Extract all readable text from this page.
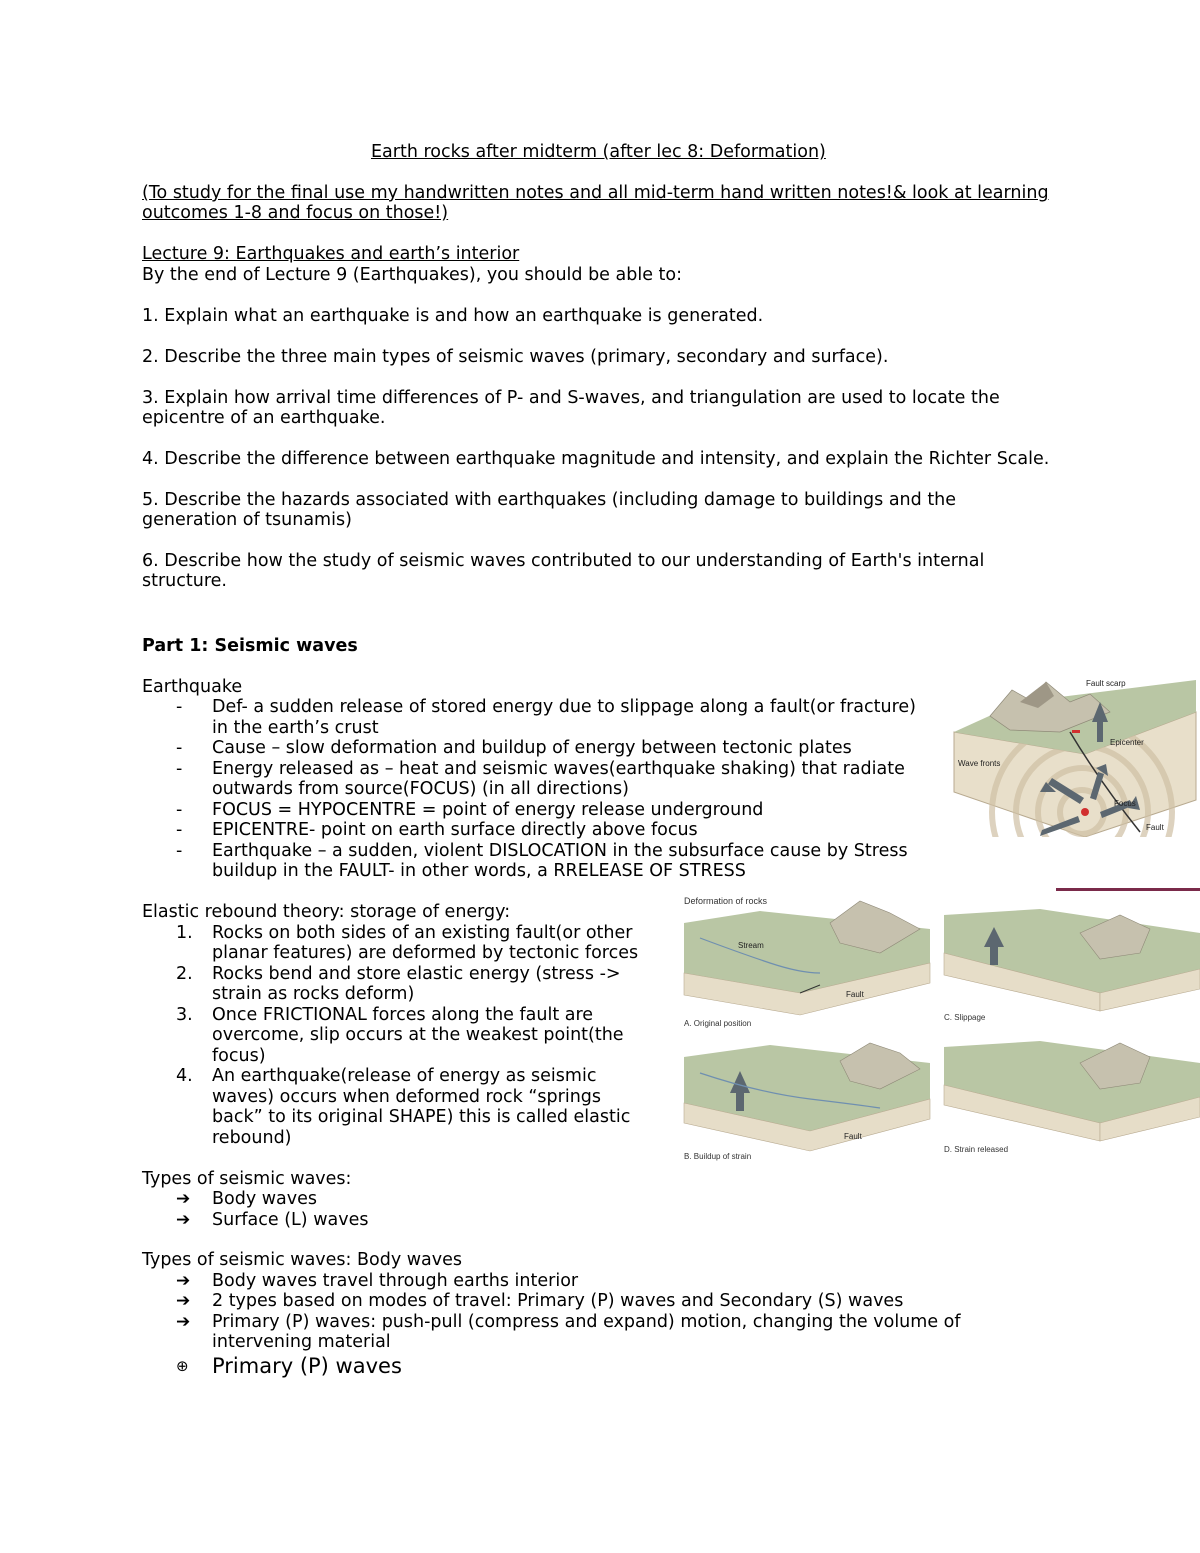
Earth rocks after midterm (after lec 8: Deformation)
(To study for the final use my handwritten notes and all mid-term hand written notes!& look at learning
outcomes 1-8 and focus on those!)
Lecture 9: Earthquakes and earth’s interior
By the end of Lecture 9 (Earthquakes), you should be able to:
1. Explain what an earthquake is and how an earthquake is generated.
2. Describe the three main types of seismic waves (primary, secondary and surface).
3. Explain how arrival time differences of P- and S-waves, and triangulation are used to locate the
epicentre of an earthquake.
4. Describe the difference between earthquake magnitude and intensity, and explain the Richter Scale.
5. Describe the hazards associated with earthquakes (including damage to buildings and the
generation of tsunamis)
6. Describe how the study of seismic waves contributed to our understanding of Earth's internal
structure.
Part 1: Seismic waves
Earthquake
- Def- a sudden release of stored energy due to slippage along a fault(or fracture)
in the earth’s crust
- Cause – slow deformation and buildup of energy between tectonic plates
- Energy released as – heat and seismic waves(earthquake shaking) that radiate
outwards from source(FOCUS) (in all directions)
- FOCUS = HYPOCENTRE = point of energy release underground
- EPICENTRE- point on earth surface directly above focus
- Earthquake – a sudden, violent DISLOCATION in the subsurface cause by Stress
buildup in the FAULT- in other words, a RRELEASE OF STRESS
Elastic rebound theory: storage of energy:
1. Rocks on both sides of an existing fault(or other
planar features) are deformed by tectonic forces
2. Rocks bend and store elastic energy (stress ->
strain as rocks deform)
3. Once FRICTIONAL forces along the fault are
overcome, slip occurs at the weakest point(the
focus)
4. An earthquake(release of energy as seismic
waves) occurs when deformed rock “springs
back” to its original SHAPE) this is called elastic
rebound)
Types of seismic waves:
➔ Body waves
➔ Surface (L) waves
Types of seismic waves: Body waves
➔ Body waves travel through earths interior
➔ 2 types based on modes of travel: Primary (P) waves and Secondary (S) waves
➔ Primary (P) waves: push-pull (compress and expand) motion, changing the volume of
intervening material
⊕ Primary (P) waves
Fault scarp
Epicenter
Wave fronts
Focus
Fault
Deformation of rocks
Stream
Fault
A. Original position
C. Slippage
Fault
B. Buildup of strain
D. Strain released
